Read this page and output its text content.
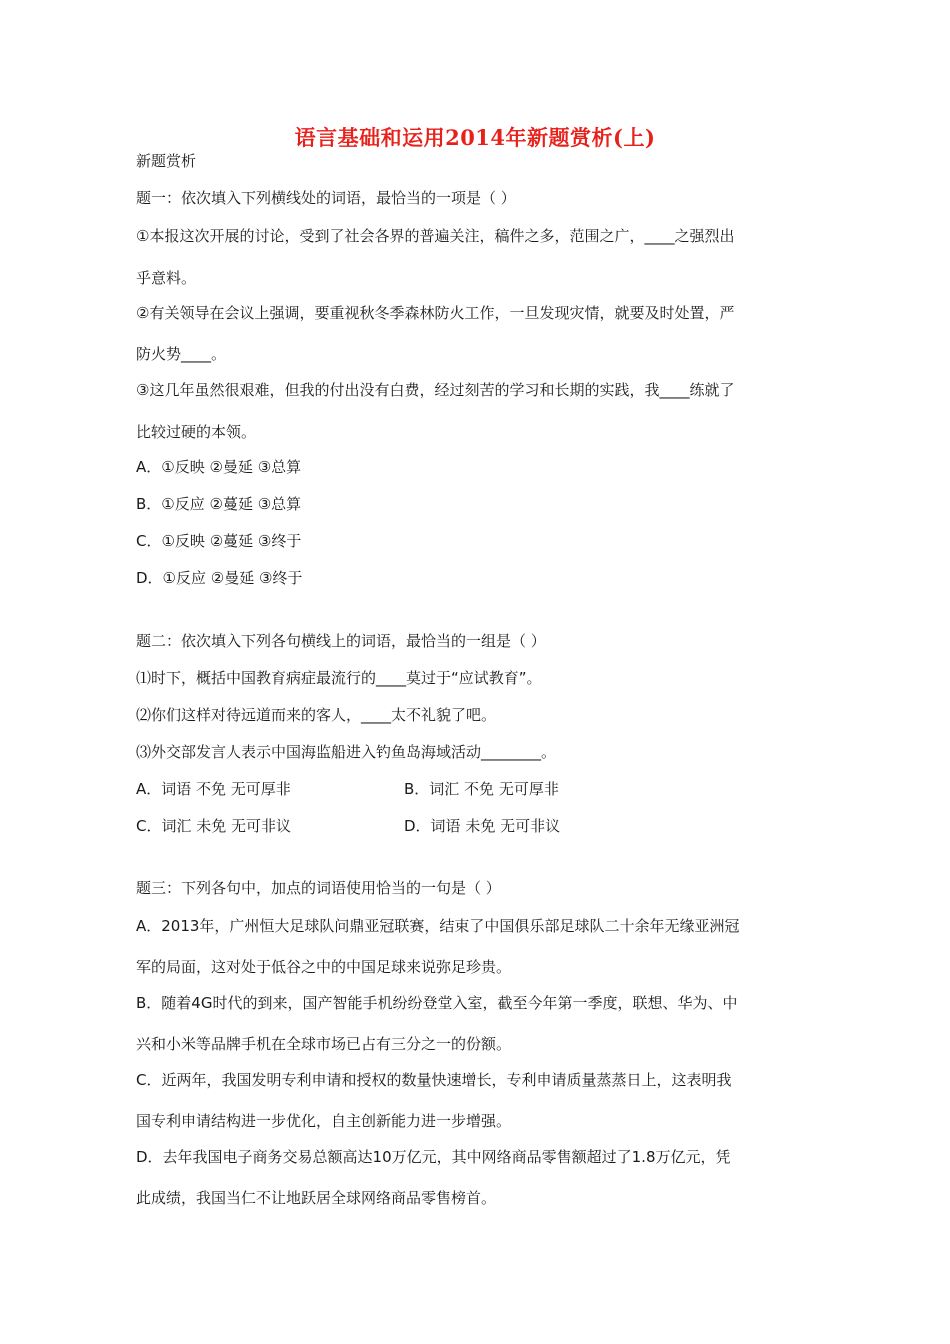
语言基础和运用2014年新题赏析(上)
新题赏析
题一：依次填入下列横线处的词语，最恰当的一项是（ ）
①本报这次开展的讨论，受到了社会各界的普遍关注，稿件之多，范围之广，____之强烈出
乎意料。
②有关领导在会议上强调，要重视秋冬季森林防火工作，一旦发现灾情，就要及时处置，严
防火势____。
③这几年虽然很艰难，但我的付出没有白费，经过刻苦的学习和长期的实践，我____练就了
比较过硬的本领。
A．①反映 ②曼延 ③总算
B．①反应 ②蔓延 ③总算
C．①反映 ②蔓延 ③终于
D．①反应 ②曼延 ③终于
题二：依次填入下列各句横线上的词语，最恰当的一组是（ ）
⑴时下，概括中国教育病症最流行的____莫过于“应试教育”。
⑵你们这样对待远道而来的客人，____太不礼貌了吧。
⑶外交部发言人表示中国海监船进入钓鱼岛海域活动________。
A．词语 不免 无可厚非	B．词汇 不免 无可厚非
C．词汇 未免 无可非议	D．词语 未免 无可非议
题三：下列各句中，加点的词语使用恰当的一句是（ ）
A．2013年，广州恒大足球队问鼎亚冠联赛，结束了中国俱乐部足球队二十余年无缘亚洲冠
军的局面，这对处于低谷之中的中国足球来说弥足珍贵。
B．随着4G时代的到来，国产智能手机纷纷登堂入室，截至今年第一季度，联想、华为、中
兴和小米等品牌手机在全球市场已占有三分之一的份额。
C．近两年，我国发明专利申请和授权的数量快速增长，专利申请质量蒸蒸日上，这表明我
国专利申请结构进一步优化，自主创新能力进一步增强。
D．去年我国电子商务交易总额高达10万亿元，其中网络商品零售额超过了1.8万亿元，凭
此成绩，我国当仁不让地跃居全球网络商品零售榜首。
